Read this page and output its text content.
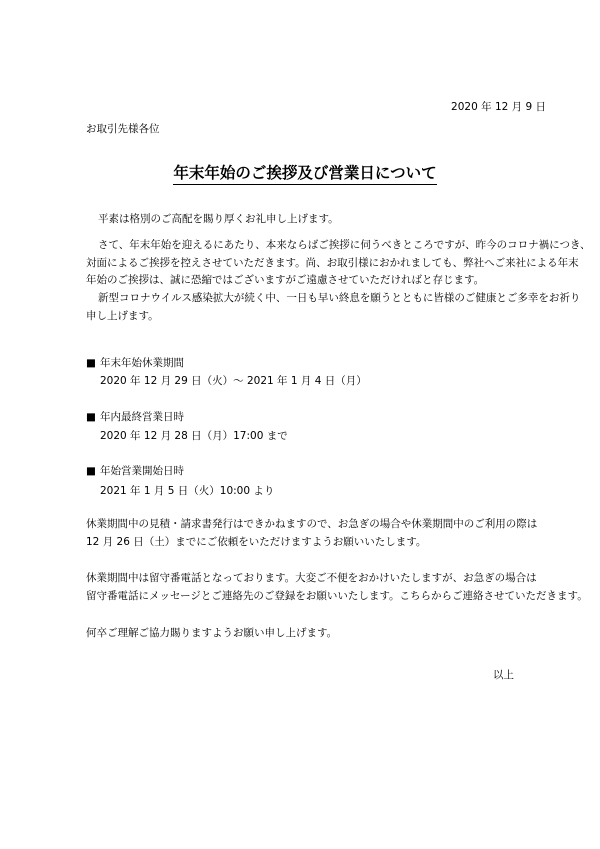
2020 年 12 月 9 日
お取引先様各位
年末年始のご挨拶及び営業日について
平素は格別のご高配を賜り厚くお礼申し上げます。
さて、年末年始を迎えるにあたり、本来ならばご挨拶に伺うべきところですが、昨今のコロナ禍につき、
対面によるご挨拶を控えさせていただきます。尚、お取引様におかれましても、弊社へご来社による年末
年始のご挨拶は、誠に恐縮ではございますがご遠慮させていただければと存じます。
新型コロナウイルス感染拡大が続く中、一日も早い終息を願うとともに皆様のご健康とご多幸をお祈り
申し上げます。
■ 年末年始休業期間
2020 年 12 月 29 日（火）～ 2021 年 1 月 4 日（月）
■ 年内最終営業日時
2020 年 12 月 28 日（月）17:00 まで
■ 年始営業開始日時
2021 年 1 月 5 日（火）10:00 より
休業期間中の見積・請求書発行はできかねますので、お急ぎの場合や休業期間中のご利用の際は
12 月 26 日（土）までにご依頼をいただけますようお願いいたします。
休業期間中は留守番電話となっております。大変ご不便をおかけいたしますが、お急ぎの場合は
留守番電話にメッセージとご連絡先のご登録をお願いいたします。こちらからご連絡させていただきます。
何卒ご理解ご協力賜りますようお願い申し上げます。
以上
